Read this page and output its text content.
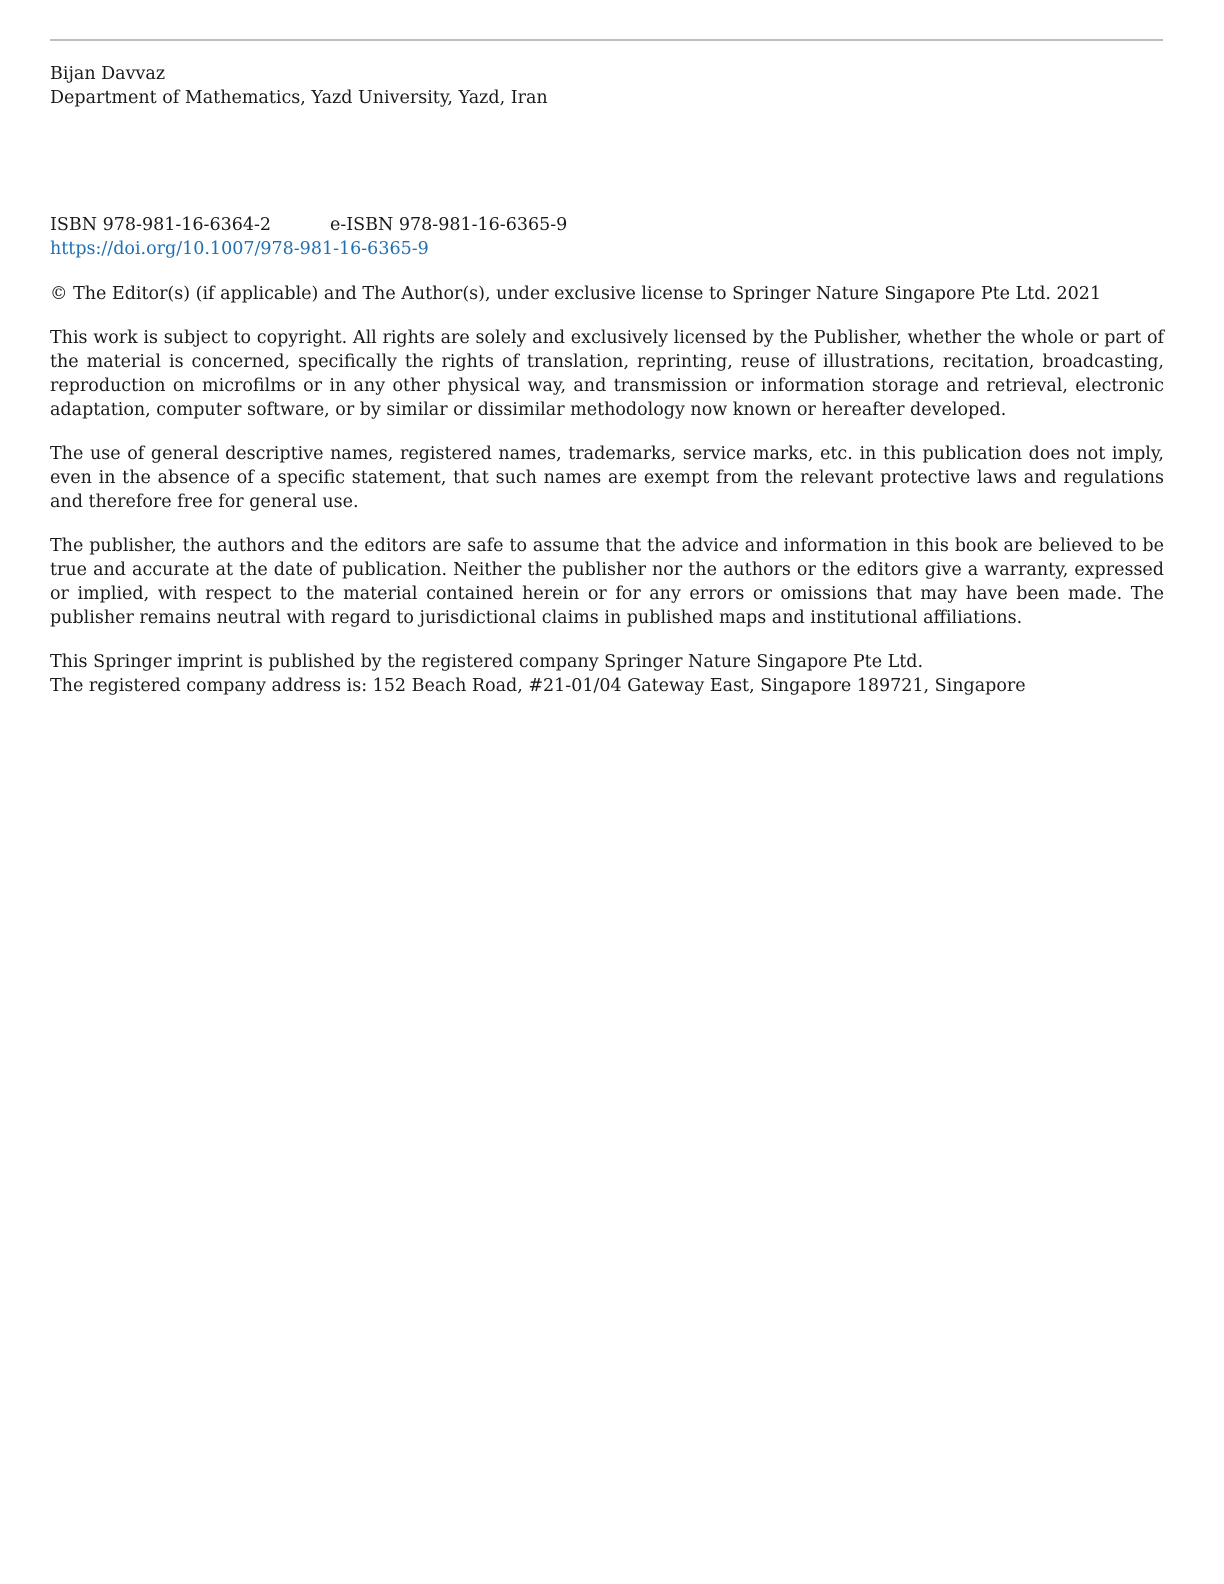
Bijan Davvaz
Department of Mathematics, Yazd University, Yazd, Iran
ISBN 978-981-16-6364-2	e-ISBN 978-981-16-6365-9
https://doi.org/10.1007/978-981-16-6365-9
© The Editor(s) (if applicable) and The Author(s), under exclusive license to Springer Nature Singapore Pte Ltd. 2021
This work is subject to copyright. All rights are solely and exclusively licensed by the Publisher, whether the whole or part of the material is concerned, specifically the rights of translation, reprinting, reuse of illustrations, recitation, broadcasting, reproduction on microfilms or in any other physical way, and transmission or information storage and retrieval, electronic adaptation, computer software, or by similar or dissimilar methodology now known or hereafter developed.
The use of general descriptive names, registered names, trademarks, service marks, etc. in this publication does not imply, even in the absence of a specific statement, that such names are exempt from the relevant protective laws and regulations and therefore free for general use.
The publisher, the authors and the editors are safe to assume that the advice and information in this book are believed to be true and accurate at the date of publication. Neither the publisher nor the authors or the editors give a warranty, expressed or implied, with respect to the material contained herein or for any errors or omissions that may have been made. The publisher remains neutral with regard to jurisdictional claims in published maps and institutional affiliations.
This Springer imprint is published by the registered company Springer Nature Singapore Pte Ltd.
The registered company address is: 152 Beach Road, #21-01/04 Gateway East, Singapore 189721, Singapore
